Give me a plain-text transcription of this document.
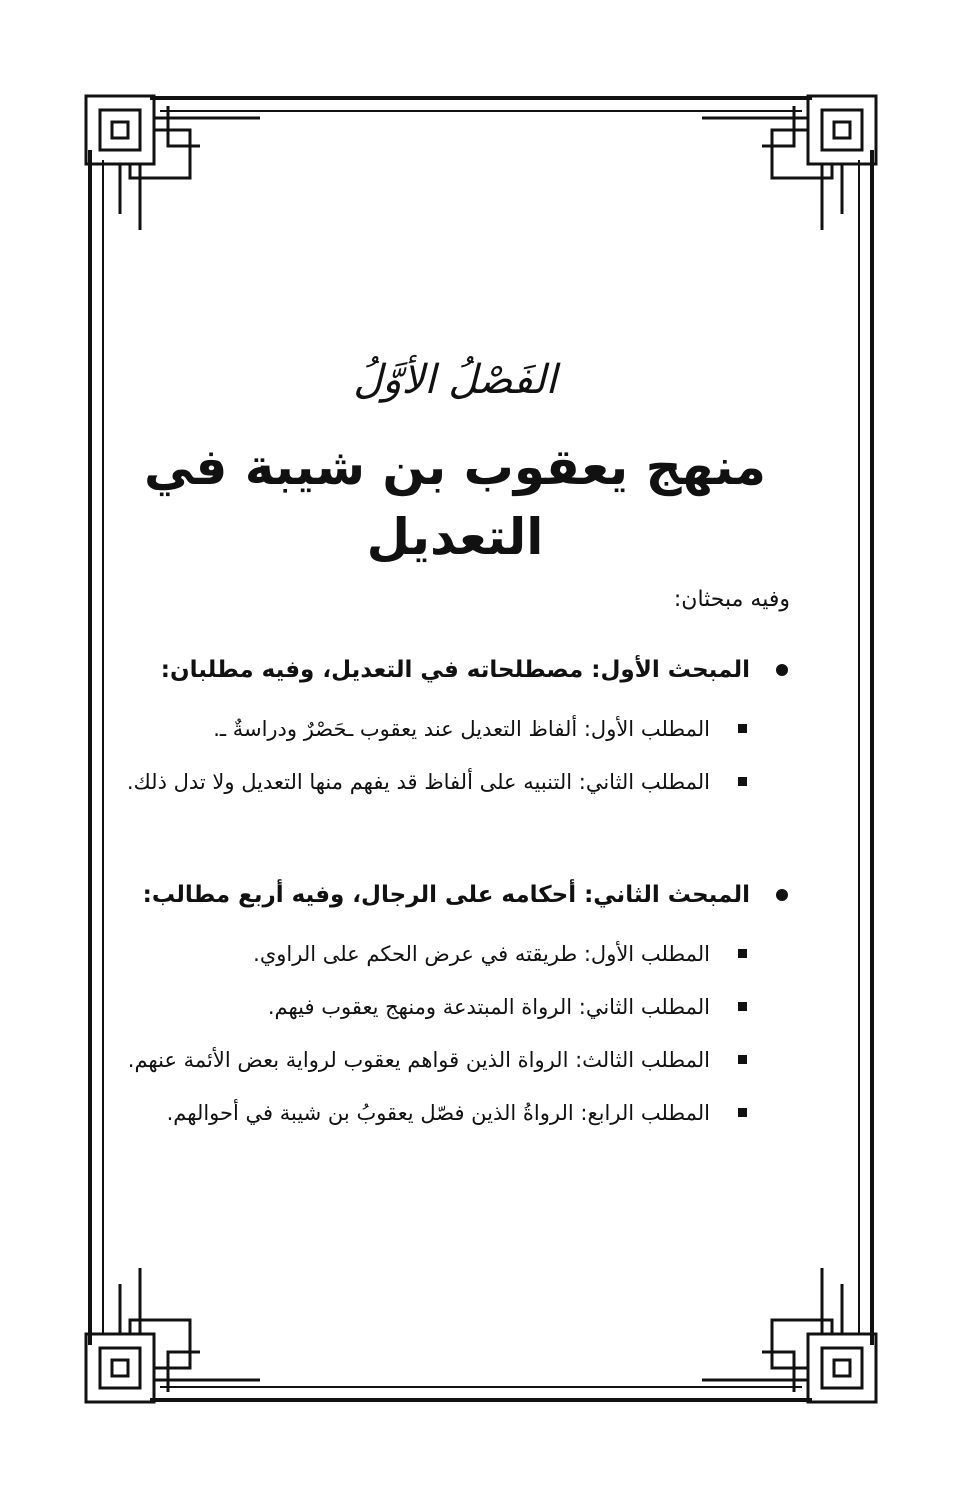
الفَصْلُ الأوَّلُ
منهج يعقوب بن شيبة في التعديل
وفيه مبحثان:
المبحث الأول: مصطلحاته في التعديل، وفيه مطلبان:
المطلب الأول: ألفاظ التعديل عند يعقوب ـحَصْرٌ ودراسةٌ ـ.
المطلب الثاني: التنبيه على ألفاظ قد يفهم منها التعديل ولا تدل ذلك.
المبحث الثاني: أحكامه على الرجال، وفيه أربع مطالب:
المطلب الأول: طريقته في عرض الحكم على الراوي.
المطلب الثاني: الرواة المبتدعة ومنهج يعقوب فيهم.
المطلب الثالث: الرواة الذين قواهم يعقوب لرواية بعض الأئمة عنهم.
المطلب الرابع: الرواةُ الذين فصّل يعقوبُ بن شيبة في أحوالهم.
